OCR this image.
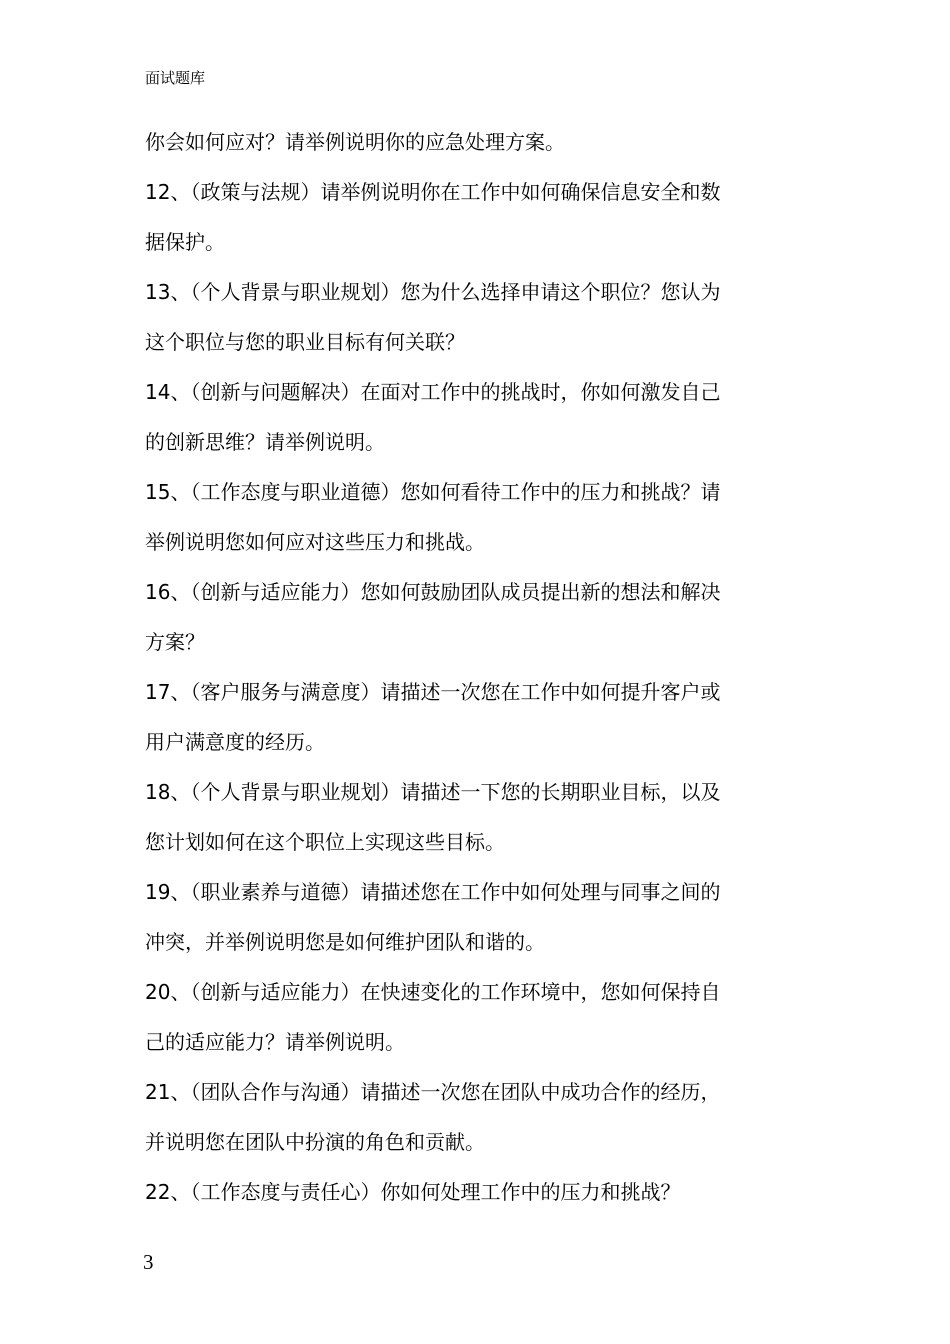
面试题库
你会如何应对？请举例说明你的应急处理方案。
12、（政策与法规）请举例说明你在工作中如何确保信息安全和数
据保护。
13、（个人背景与职业规划）您为什么选择申请这个职位？您认为
这个职位与您的职业目标有何关联？
14、（创新与问题解决）在面对工作中的挑战时，你如何激发自己
的创新思维？请举例说明。
15、（工作态度与职业道德）您如何看待工作中的压力和挑战？请
举例说明您如何应对这些压力和挑战。
16、（创新与适应能力）您如何鼓励团队成员提出新的想法和解决
方案？
17、（客户服务与满意度）请描述一次您在工作中如何提升客户或
用户满意度的经历。
18、（个人背景与职业规划）请描述一下您的长期职业目标，以及
您计划如何在这个职位上实现这些目标。
19、（职业素养与道德）请描述您在工作中如何处理与同事之间的
冲突，并举例说明您是如何维护团队和谐的。
20、（创新与适应能力）在快速变化的工作环境中，您如何保持自
己的适应能力？请举例说明。
21、（团队合作与沟通）请描述一次您在团队中成功合作的经历，
并说明您在团队中扮演的角色和贡献。
22、（工作态度与责任心）你如何处理工作中的压力和挑战？
3
